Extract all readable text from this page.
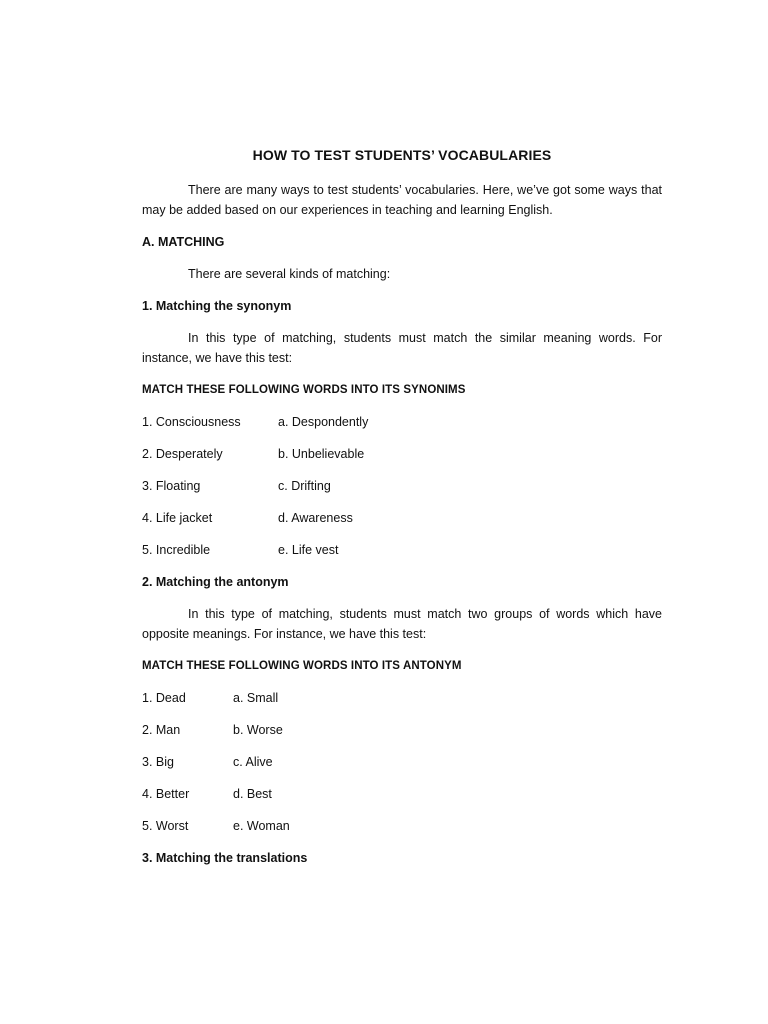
HOW TO TEST STUDENTS’ VOCABULARIES

There are many ways to test students’ vocabularies. Here, we’ve got some ways that may be added based on our experiences in teaching and learning English.

A. MATCHING

There are several kinds of matching:

1. Matching the synonym

In this type of matching, students must match the similar meaning words. For instance, we have this test:

MATCH THESE FOLLOWING WORDS INTO ITS SYNONIMS

1. Consciousness	a. Despondently
2. Desperately	b. Unbelievable
3. Floating	c. Drifting
4. Life jacket	d. Awareness
5. Incredible	e. Life vest

2. Matching the antonym

In this type of matching, students must match two groups of words which have opposite meanings. For instance, we have this test:

MATCH THESE FOLLOWING WORDS INTO ITS ANTONYM

1. Dead	a. Small
2. Man	b. Worse
3. Big	c. Alive
4. Better	d. Best
5. Worst	e. Woman

3. Matching the translations
